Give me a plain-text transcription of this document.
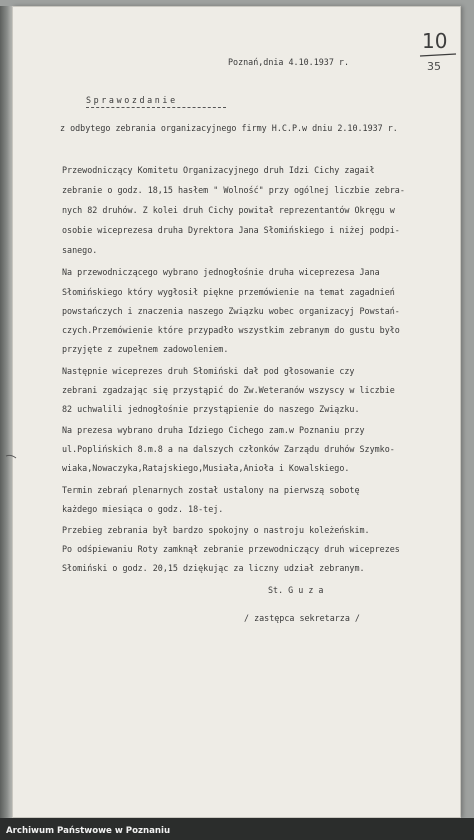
Poznań,dnia 4.10.1937 r.
10
35
Sprawozdanie
z odbytego zebrania organizacyjnego firmy H.C.P.w dniu 2.10.1937 r.
Przewodniczący Komitetu Organizacyjnego druh Idzi Cichy zagaił
zebranie o godz. 18,15 hasłem " Wolność" przy ogólnej liczbie zebra-
nych 82 druhów. Z kolei druh Cichy powitał reprezentantów Okręgu w
osobie wiceprezesa druha Dyrektora Jana Słomińskiego i niżej podpi-
sanego.
Na przewodniczącego wybrano jednogłośnie druha wiceprezesa Jana
Słomińskiego który wygłosił piękne przemówienie na temat zagadnień
powstańczych i znaczenia naszego Związku wobec organizacyj Powstań-
czych.Przemówienie które przypadło wszystkim zebranym do gustu było
przyjęte z zupełnem zadowoleniem.
Następnie wiceprezes druh Słomiński dał pod głosowanie czy
zebrani zgadzając się przystąpić do Zw.Weteranów wszyscy w liczbie
82 uchwalili jednogłośnie przystąpienie do naszego Związku.
Na prezesa wybrano druha Idziego Cichego zam.w Poznaniu przy
ul.Poplińskich 8.m.8 a na dalszych członków Zarządu druhów Szymko-
wiaka,Nowaczyka,Ratajskiego,Musiała,Anioła i Kowalskiego.
Termin zebrań plenarnych został ustalony na pierwszą sobotę
każdego miesiąca o godz. 18-tej.
Przebieg zebrania był bardzo spokojny o nastroju koleżeńskim.
Po odśpiewaniu Roty zamknął zebranie przewodniczący druh wiceprezes
Słomiński o godz. 20,15 dziękując za liczny udział zebranym.
St. G u z a
/ zastępca sekretarza /
Archiwum Państwowe w Poznaniu
